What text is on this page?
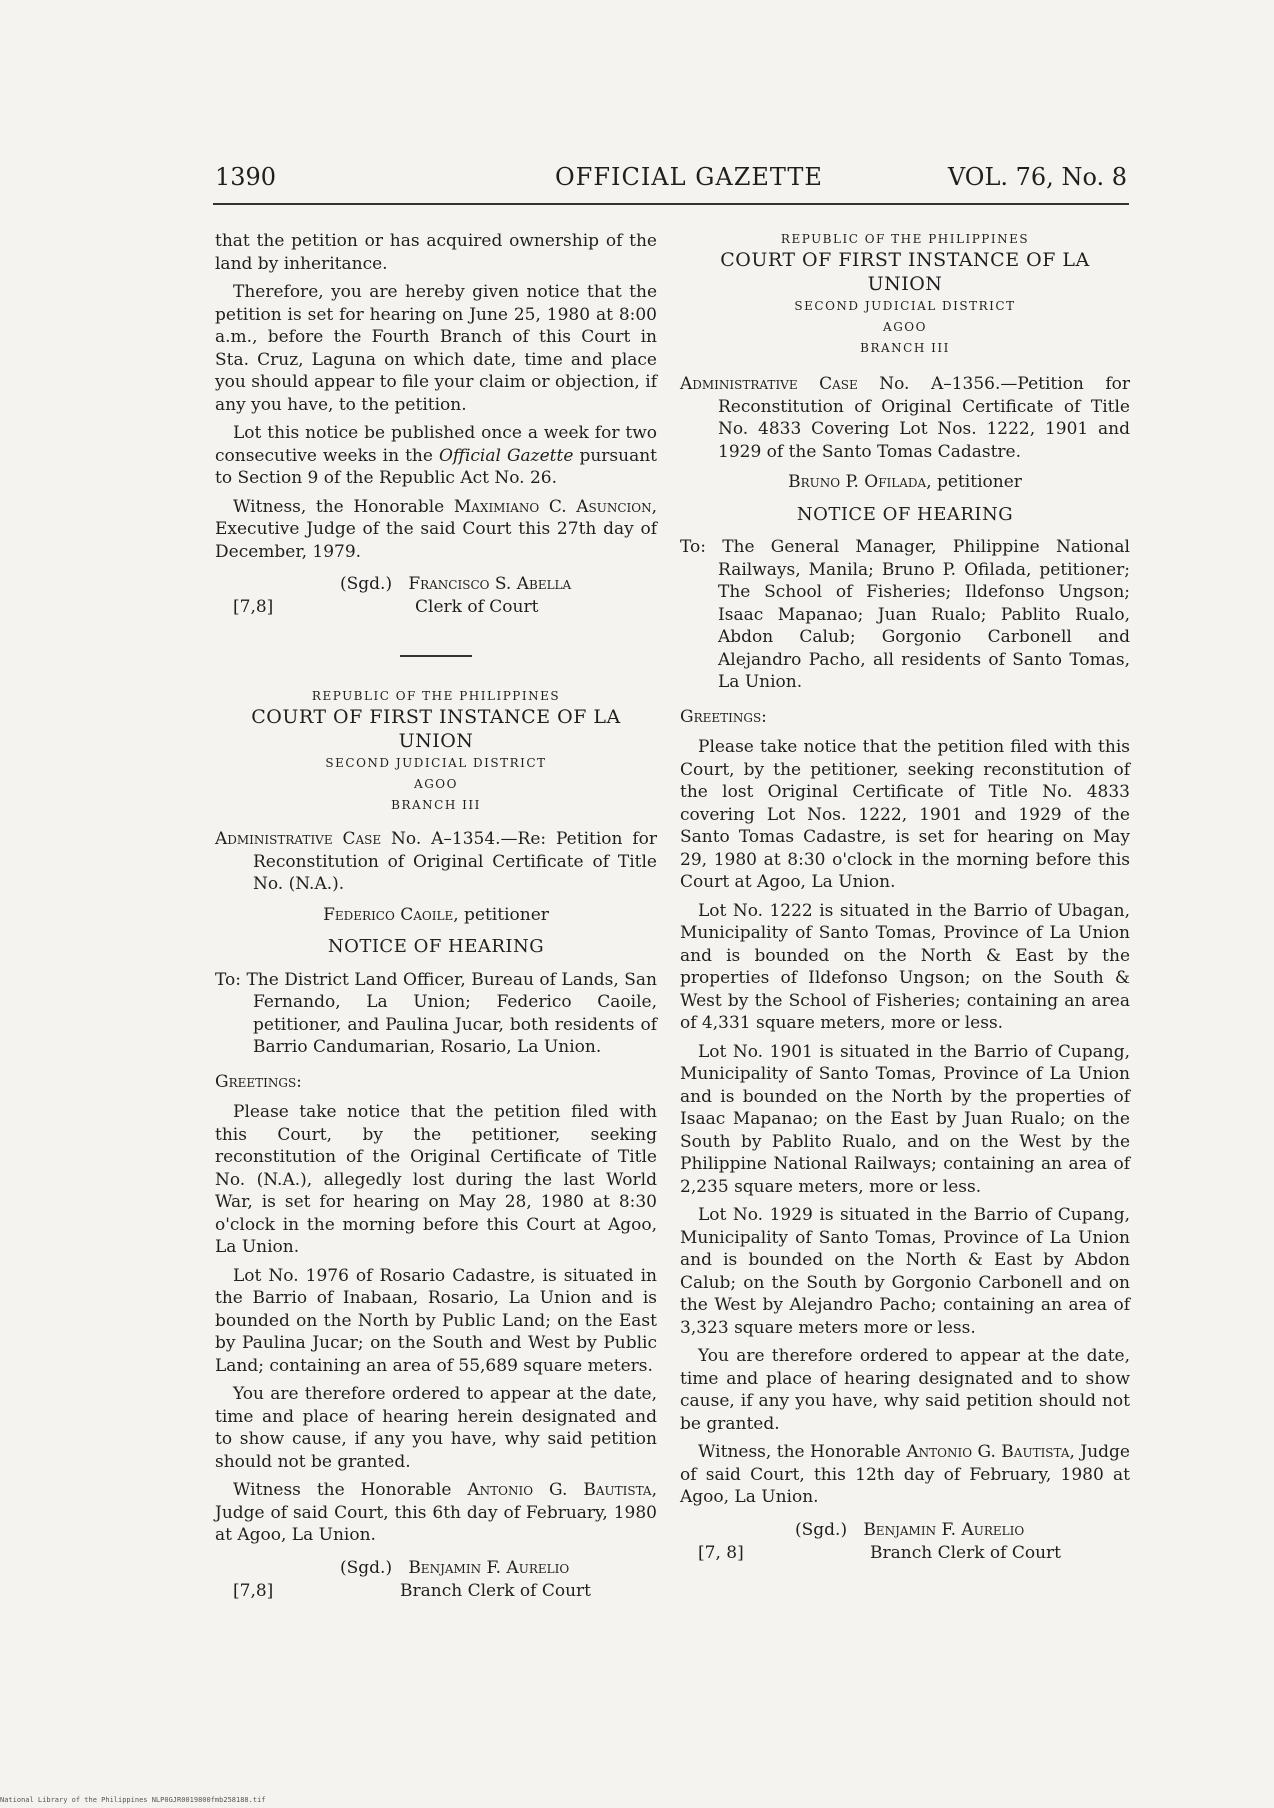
1390	OFFICIAL GAZETTE	VOL. 76, No. 8

that the petition or has acquired ownership of the land by inheritance.

Therefore, you are hereby given notice that the petition is set for hearing on June 25, 1980 at 8:00 a.m., before the Fourth Branch of this Court in Sta. Cruz, Laguna on which date, time and place you should appear to file your claim or objection, if any you have, to the petition.

Lot this notice be published once a week for two consecutive weeks in the Official Gazette pursuant to Section 9 of the Republic Act No. 26.

Witness, the Honorable Maximiano C. Asuncion, Executive Judge of the said Court this 27th day of December, 1979.

(Sgd.) Francisco S. Abella
[7,8]	Clerk of Court

REPUBLIC OF THE PHILIPPINES

COURT OF FIRST INSTANCE OF LA UNION

SECOND JUDICIAL DISTRICT

AGOO

BRANCH III

Administrative Case No. A–1354.—Re: Petition for Reconstitution of Original Certificate of Title No. (N.A.).

Federico Caoile, petitioner

NOTICE OF HEARING

To: The District Land Officer, Bureau of Lands, San Fernando, La Union; Federico Caoile, petitioner, and Paulina Jucar, both residents of Barrio Candumarian, Rosario, La Union.

Greetings:

Please take notice that the petition filed with this Court, by the petitioner, seeking reconstitution of the Original Certificate of Title No. (N.A.), allegedly lost during the last World War, is set for hearing on May 28, 1980 at 8:30 o'clock in the morning before this Court at Agoo, La Union.

Lot No. 1976 of Rosario Cadastre, is situated in the Barrio of Inabaan, Rosario, La Union and is bounded on the North by Public Land; on the East by Paulina Jucar; on the South and West by Public Land; containing an area of 55,689 square meters.

You are therefore ordered to appear at the date, time and place of hearing herein designated and to show cause, if any you have, why said petition should not be granted.

Witness the Honorable Antonio G. Bautista, Judge of said Court, this 6th day of February, 1980 at Agoo, La Union.

(Sgd.) Benjamin F. Aurelio
[7,8]	Branch Clerk of Court

REPUBLIC OF THE PHILIPPINES

COURT OF FIRST INSTANCE OF LA UNION

SECOND JUDICIAL DISTRICT

AGOO

BRANCH III

Administrative Case No. A–1356.—Petition for Reconstitution of Original Certificate of Title No. 4833 Covering Lot Nos. 1222, 1901 and 1929 of the Santo Tomas Cadastre.

Bruno P. Ofilada, petitioner

NOTICE OF HEARING

To: The General Manager, Philippine National Railways, Manila; Bruno P. Ofilada, petitioner; The School of Fisheries; Ildefonso Ungson; Isaac Mapanao; Juan Rualo; Pablito Rualo, Abdon Calub; Gorgonio Carbonell and Alejandro Pacho, all residents of Santo Tomas, La Union.

Greetings:

Please take notice that the petition filed with this Court, by the petitioner, seeking reconstitution of the lost Original Certificate of Title No. 4833 covering Lot Nos. 1222, 1901 and 1929 of the Santo Tomas Cadastre, is set for hearing on May 29, 1980 at 8:30 o'clock in the morning before this Court at Agoo, La Union.

Lot No. 1222 is situated in the Barrio of Ubagan, Municipality of Santo Tomas, Province of La Union and is bounded on the North & East by the properties of Ildefonso Ungson; on the South & West by the School of Fisheries; containing an area of 4,331 square meters, more or less.

Lot No. 1901 is situated in the Barrio of Cupang, Municipality of Santo Tomas, Province of La Union and is bounded on the North by the properties of Isaac Mapanao; on the East by Juan Rualo; on the South by Pablito Rualo, and on the West by the Philippine National Railways; containing an area of 2,235 square meters, more or less.

Lot No. 1929 is situated in the Barrio of Cupang, Municipality of Santo Tomas, Province of La Union and is bounded on the North & East by Abdon Calub; on the South by Gorgonio Carbonell and on the West by Alejandro Pacho; containing an area of 3,323 square meters more or less.

You are therefore ordered to appear at the date, time and place of hearing designated and to show cause, if any you have, why said petition should not be granted.

Witness, the Honorable Antonio G. Bautista, Judge of said Court, this 12th day of February, 1980 at Agoo, La Union.

(Sgd.) Benjamin F. Aurelio
[7, 8]	Branch Clerk of Court
National Library of the Philippines NLP0GJR0019800fmb258188.tif
